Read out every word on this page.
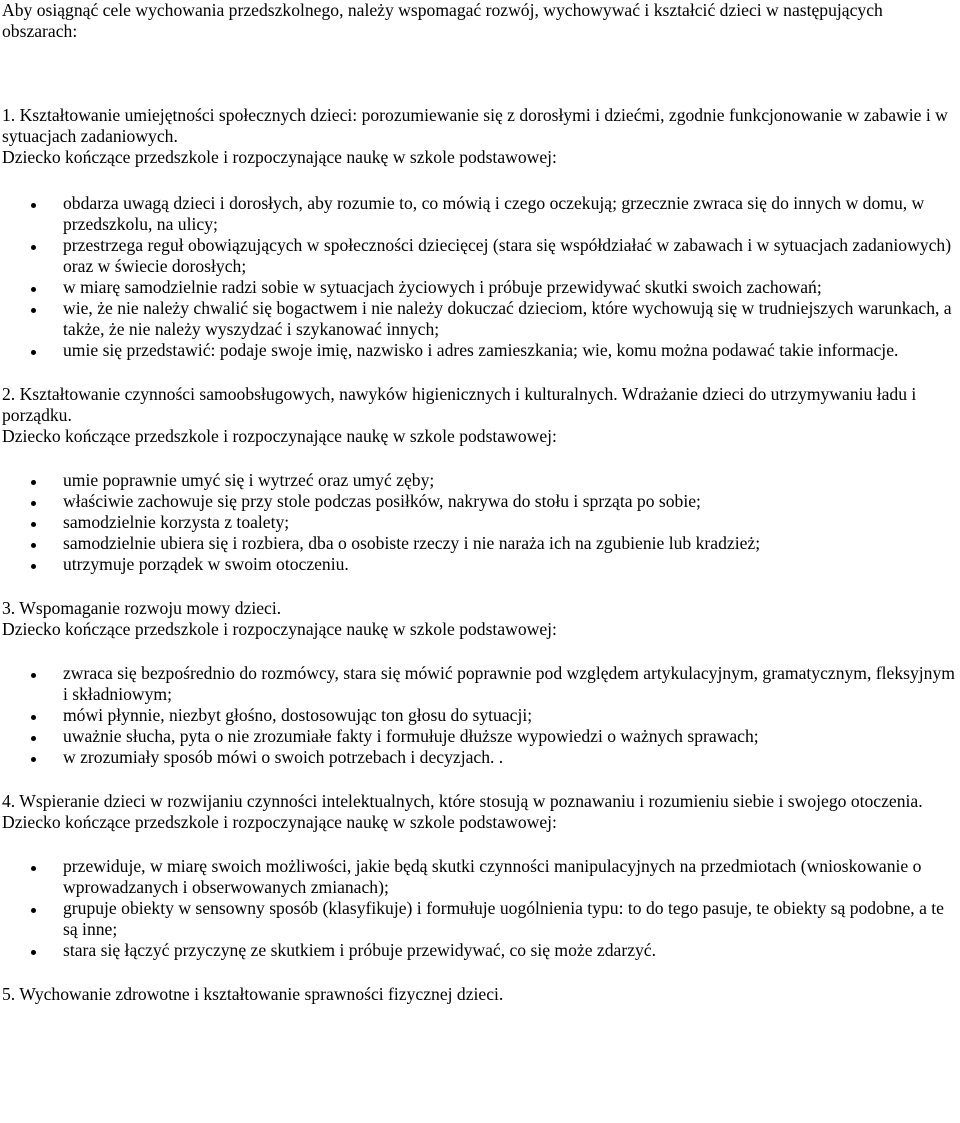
Aby osiągnąć cele wychowania przedszkolnego, należy wspomagać rozwój, wychowywać i kształcić dzieci w następujących obszarach:

1. Kształtowanie umiejętności społecznych dzieci: porozumiewanie się z dorosłymi i dziećmi, zgodnie funkcjonowanie w zabawie i w sytuacjach zadaniowych.

Dziecko kończące przedszkole i rozpoczynające naukę w szkole podstawowej:

obdarza uwagą dzieci i dorosłych, aby rozumie to, co mówią i czego oczekują; grzecznie zwraca się do innych w domu, w przedszkolu, na ulicy;
przestrzega reguł obowiązujących w społeczności dziecięcej (stara się współdziałać w zabawach i w sytuacjach zadaniowych) oraz w świecie dorosłych;
w miarę samodzielnie radzi sobie w sytuacjach życiowych i próbuje przewidywać skutki swoich zachowań;
wie, że nie należy chwalić się bogactwem i nie należy dokuczać dzieciom, które wychowują się w trudniejszych warunkach, a także, że nie należy wyszydzać i szykanować innych;
umie się przedstawić: podaje swoje imię, nazwisko i adres zamieszkania; wie, komu można podawać takie informacje.

2. Kształtowanie czynności samoobsługowych, nawyków higienicznych i kulturalnych. Wdrażanie dzieci do utrzymywaniu ładu i porządku.

Dziecko kończące przedszkole i rozpoczynające naukę w szkole podstawowej:

umie poprawnie umyć się i wytrzeć oraz umyć zęby;
właściwie zachowuje się przy stole podczas posiłków, nakrywa do stołu i sprząta po sobie;
samodzielnie korzysta z toalety;
samodzielnie ubiera się i rozbiera, dba o osobiste rzeczy i nie naraża ich na zgubienie lub kradzież;
utrzymuje porządek w swoim otoczeniu.

3. Wspomaganie rozwoju mowy dzieci.

Dziecko kończące przedszkole i rozpoczynające naukę w szkole podstawowej:

zwraca się bezpośrednio do rozmówcy, stara się mówić poprawnie pod względem artykulacyjnym, gramatycznym, fleksyjnym i składniowym;
mówi płynnie, niezbyt głośno, dostosowując ton głosu do sytuacji;
uważnie słucha, pyta o nie zrozumiałe fakty i formułuje dłuższe wypowiedzi o ważnych sprawach;
w zrozumiały sposób mówi o swoich potrzebach i decyzjach. .

4. Wspieranie dzieci w rozwijaniu czynności intelektualnych, które stosują w poznawaniu i rozumieniu siebie i swojego otoczenia.

Dziecko kończące przedszkole i rozpoczynające naukę w szkole podstawowej:

przewiduje, w miarę swoich możliwości, jakie będą skutki czynności manipulacyjnych na przedmiotach (wnioskowanie o wprowadzanych i obserwowanych zmianach);
grupuje obiekty w sensowny sposób (klasyfikuje) i formułuje uogólnienia typu: to do tego pasuje, te obiekty są podobne, a te są inne;
stara się łączyć przyczynę ze skutkiem i próbuje przewidywać, co się może zdarzyć.

5. Wychowanie zdrowotne i kształtowanie sprawności fizycznej dzieci.
